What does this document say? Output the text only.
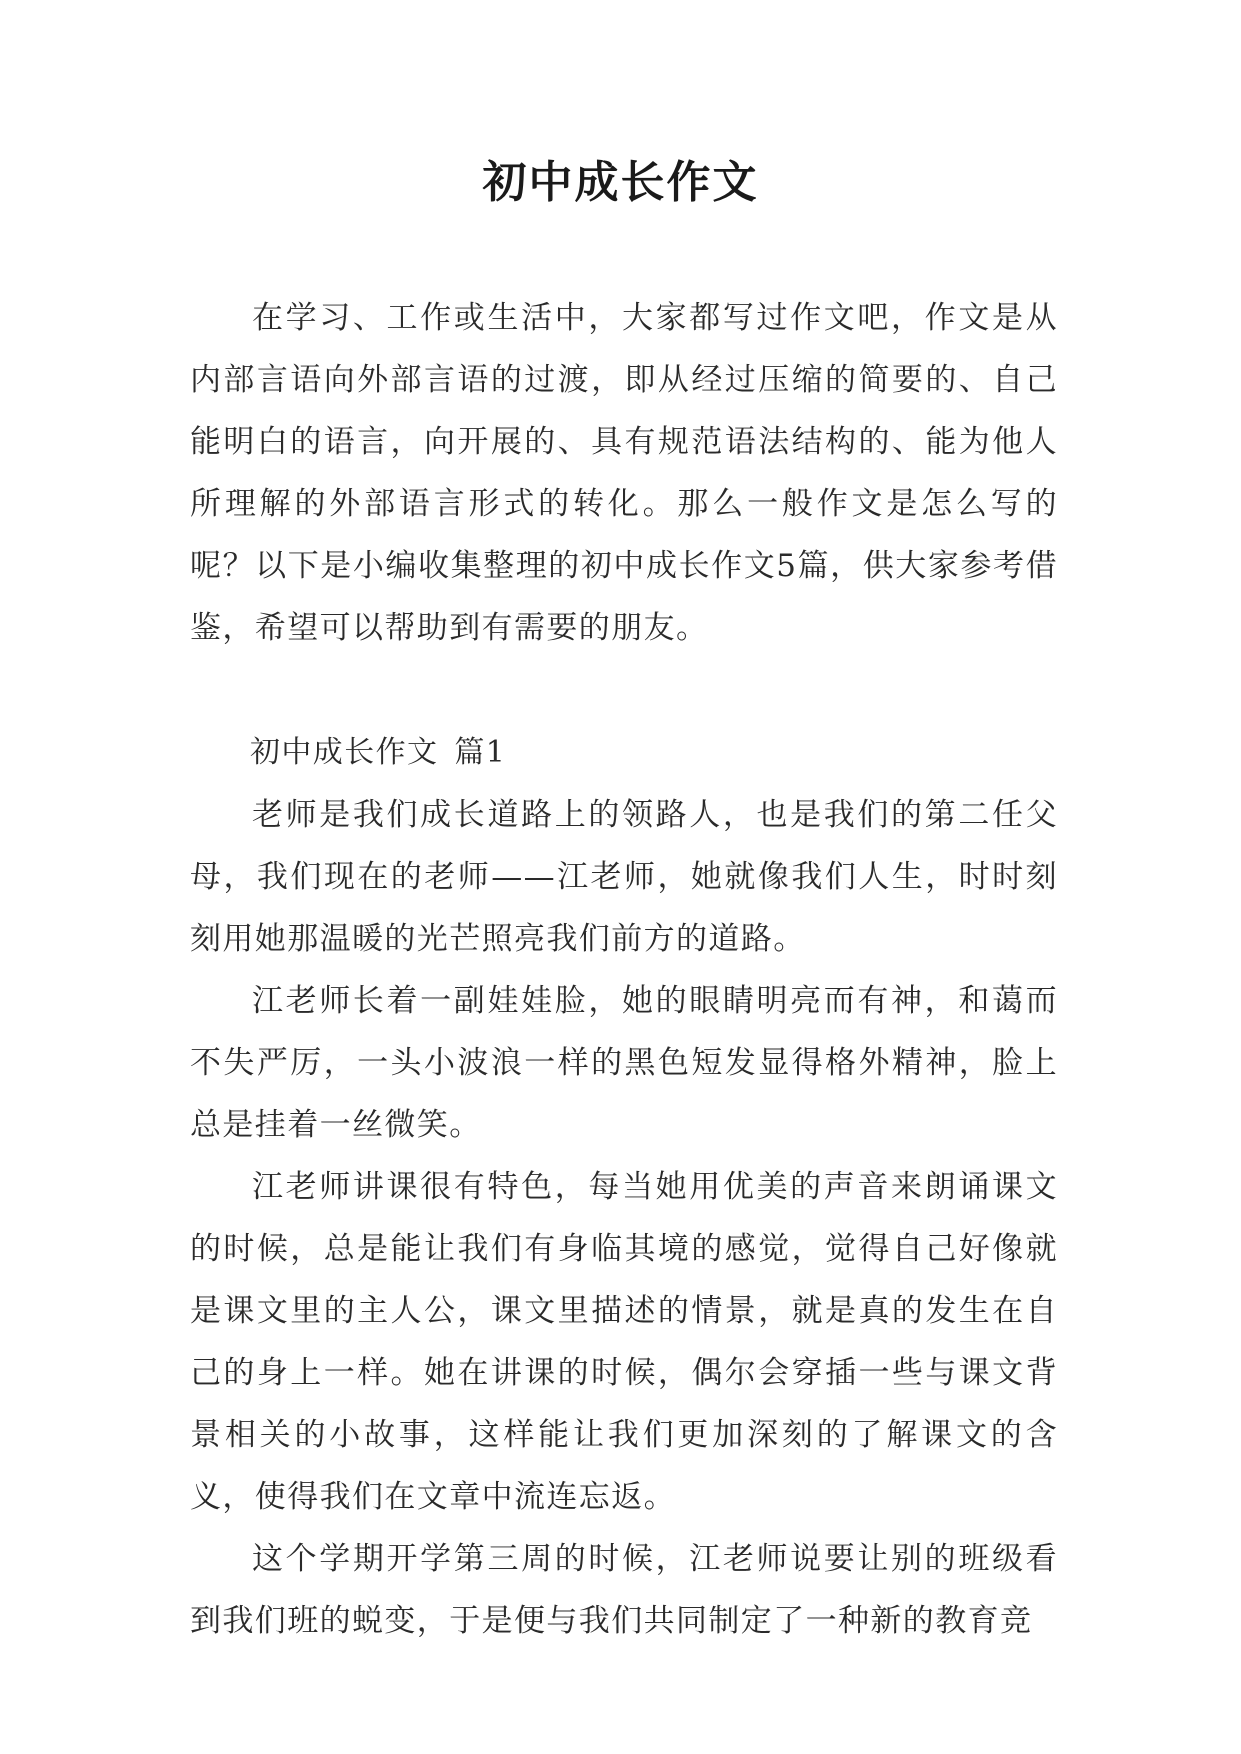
初中成长作文

在学习、工作或生活中，大家都写过作文吧，作文是从内部言语向外部言语的过渡，即从经过压缩的简要的、自己能明白的语言，向开展的、具有规范语法结构的、能为他人所理解的外部语言形式的转化。那么一般作文是怎么写的呢？以下是小编收集整理的初中成长作文5篇，供大家参考借鉴，希望可以帮助到有需要的朋友。

初中成长作文 篇1

老师是我们成长道路上的领路人，也是我们的第二任父母，我们现在的老师——江老师，她就像我们人生，时时刻刻用她那温暖的光芒照亮我们前方的道路。

江老师长着一副娃娃脸，她的眼睛明亮而有神，和蔼而不失严厉，一头小波浪一样的黑色短发显得格外精神，脸上总是挂着一丝微笑。

江老师讲课很有特色，每当她用优美的声音来朗诵课文的时候，总是能让我们有身临其境的感觉，觉得自己好像就是课文里的主人公，课文里描述的情景，就是真的发生在自己的身上一样。她在讲课的时候，偶尔会穿插一些与课文背景相关的小故事，这样能让我们更加深刻的了解课文的含义，使得我们在文章中流连忘返。

这个学期开学第三周的时候，江老师说要让别的班级看到我们班的蜕变，于是便与我们共同制定了一种新的教育竞
